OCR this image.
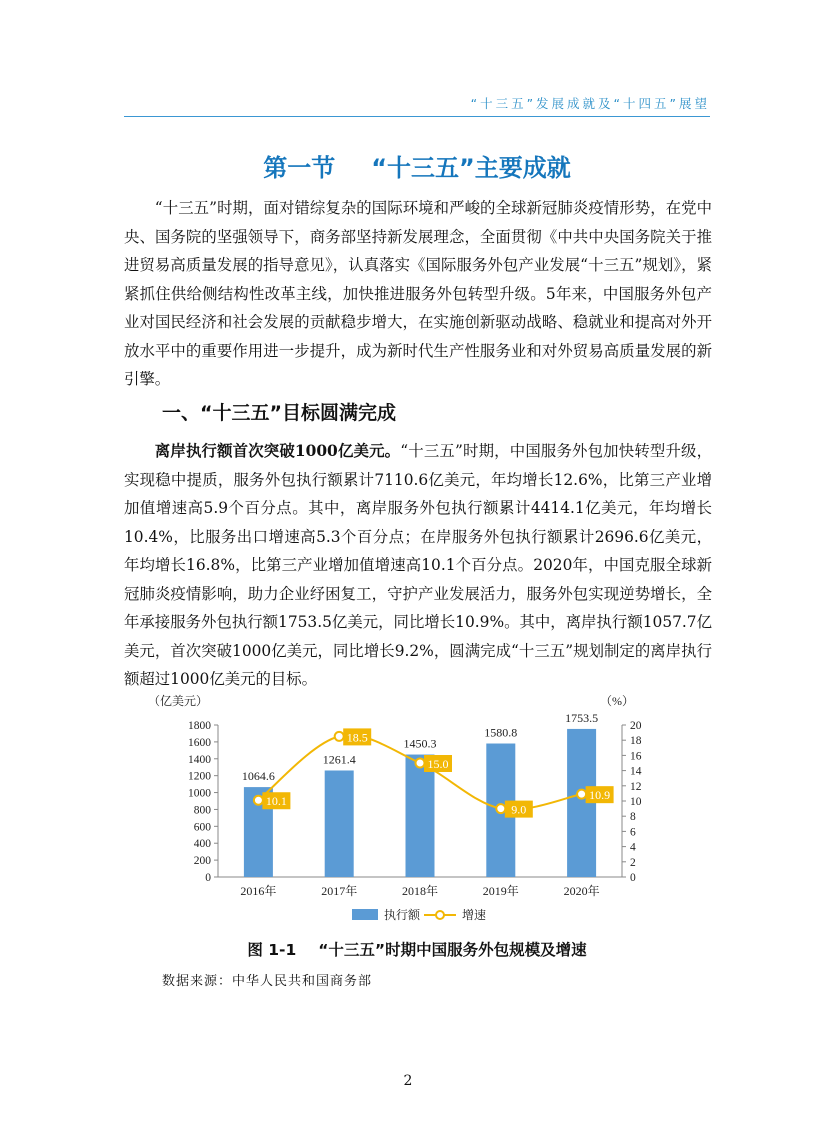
“十三五”发展成就及“十四五”展望
第一节 “十三五”主要成就

“十三五”时期，面对错综复杂的国际环境和严峻的全球新冠肺炎疫情形势，在党中央、国务院的坚强领导下，商务部坚持新发展理念，全面贯彻《中共中央国务院关于推进贸易高质量发展的指导意见》，认真落实《国际服务外包产业发展“十三五”规划》，紧紧抓住供给侧结构性改革主线，加快推进服务外包转型升级。5年来，中国服务外包产业对国民经济和社会发展的贡献稳步增大，在实施创新驱动战略、稳就业和提高对外开放水平中的重要作用进一步提升，成为新时代生产性服务业和对外贸易高质量发展的新引擎。

一、“十三五”目标圆满完成

离岸执行额首次突破1000亿美元。“十三五”时期，中国服务外包加快转型升级，实现稳中提质，服务外包执行额累计7110.6亿美元，年均增长12.6%，比第三产业增加值增速高5.9个百分点。其中，离岸服务外包执行额累计4414.1亿美元，年均增长10.4%，比服务出口增速高5.3个百分点；在岸服务外包执行额累计2696.6亿美元，年均增长16.8%，比第三产业增加值增速高10.1个百分点。2020年，中国克服全球新冠肺炎疫情影响，助力企业纾困复工，守护产业发展活力，服务外包实现逆势增长，全年承接服务外包执行额1753.5亿美元，同比增长10.9%。其中，离岸执行额1057.7亿美元，首次突破1000亿美元，同比增长9.2%，圆满完成“十三五”规划制定的离岸执行额超过1000亿美元的目标。

（亿美元）	（%）
0
200
400
600
800
1000
1200
1400
1600
1800
0
2
4
6
8
10
12
14
16
18
20
1064.6
2016年
1261.4
2017年
1450.3
2018年
1580.8
2019年
1753.5
2020年
10.1
18.5
15.0
9.0
10.9
执行额	增速
图 1-1 “十三五”时期中国服务外包规模及增速
数据来源：中华人民共和国商务部
2
